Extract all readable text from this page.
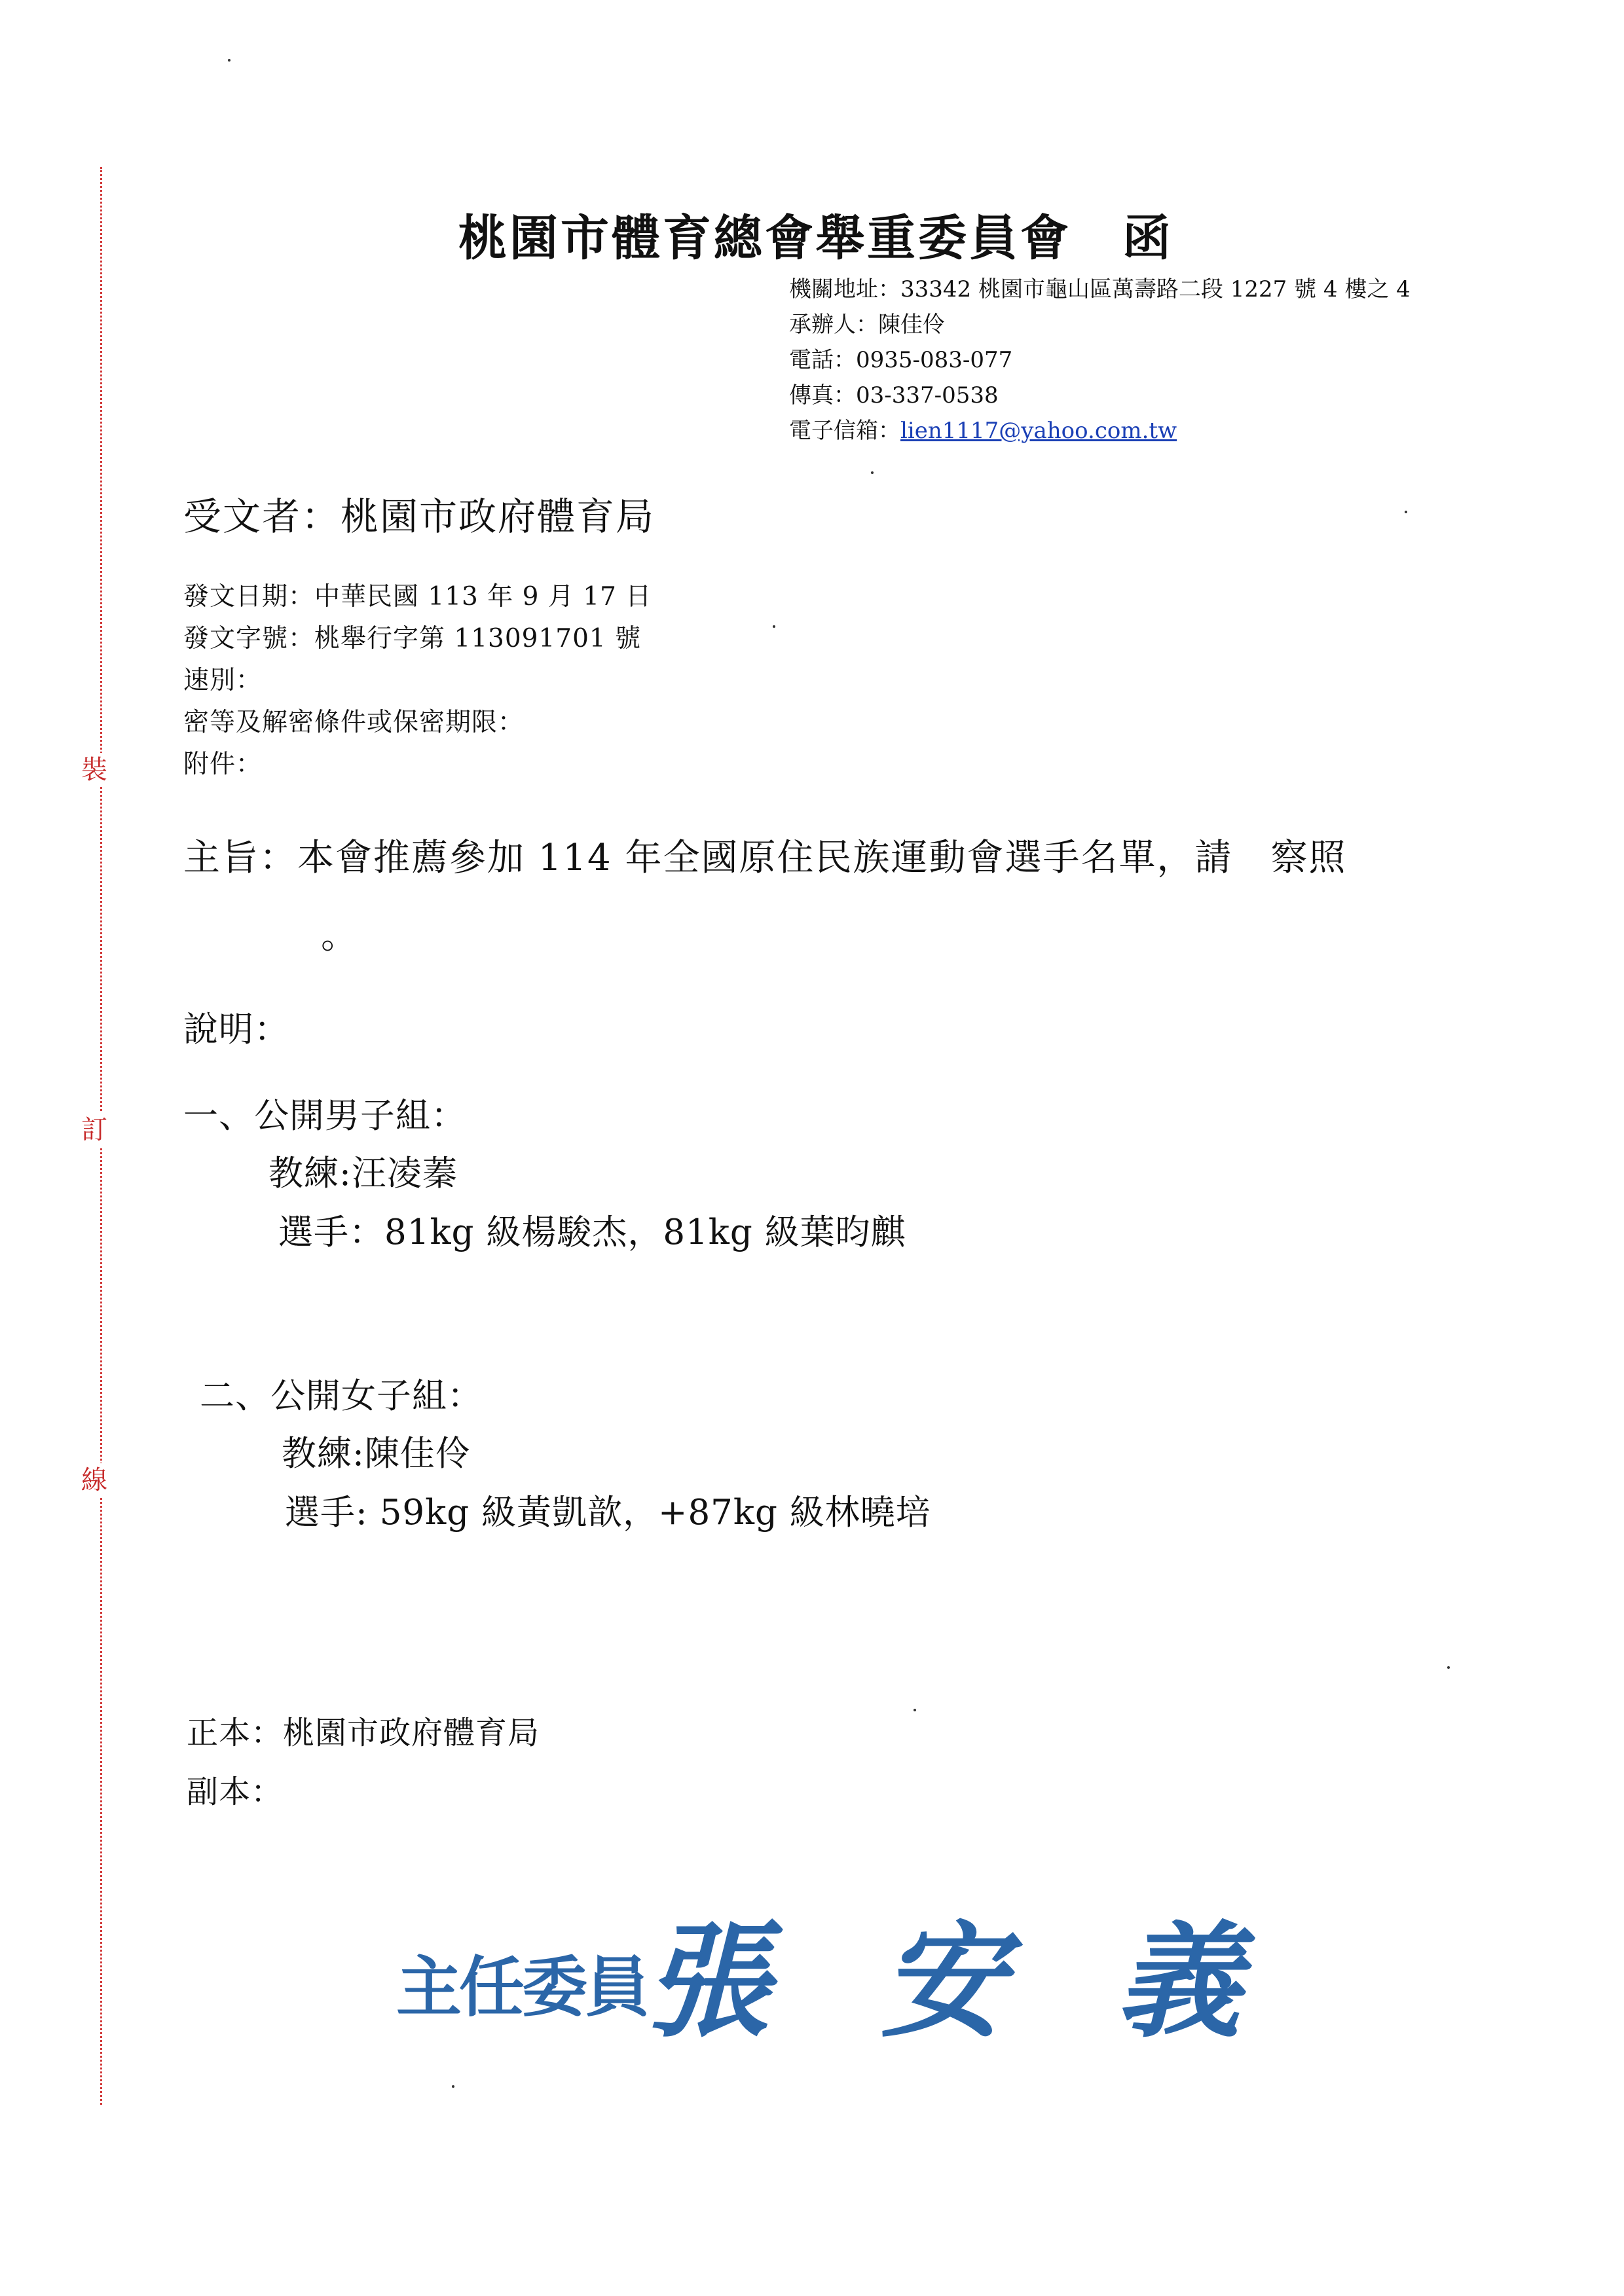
裝
訂
線
桃園市體育總會舉重委員會　函
機關地址：33342 桃園市龜山區萬壽路二段 1227 號 4 樓之 4
承辦人：陳佳伶
電話：0935-083-077
傳真：03-337-0538
電子信箱：lien1117@yahoo.com.tw
受文者：桃園市政府體育局
發文日期：中華民國 113 年 9 月 17 日
發文字號：桃舉行字第 113091701 號
速別：
密等及解密條件或保密期限：
附件：
主旨：本會推薦參加 114 年全國原住民族運動會選手名單，請　察照
。
說明：
一、公開男子組：
教練:汪凌蓁
選手：81kg 級楊駿杰，81kg 級葉昀麒
二、公開女子組：
教練:陳佳伶
選手: 59kg 級黃凱歆，+87kg 級林曉培
正本：桃園市政府體育局
副本：
主任委員
張　安　義
